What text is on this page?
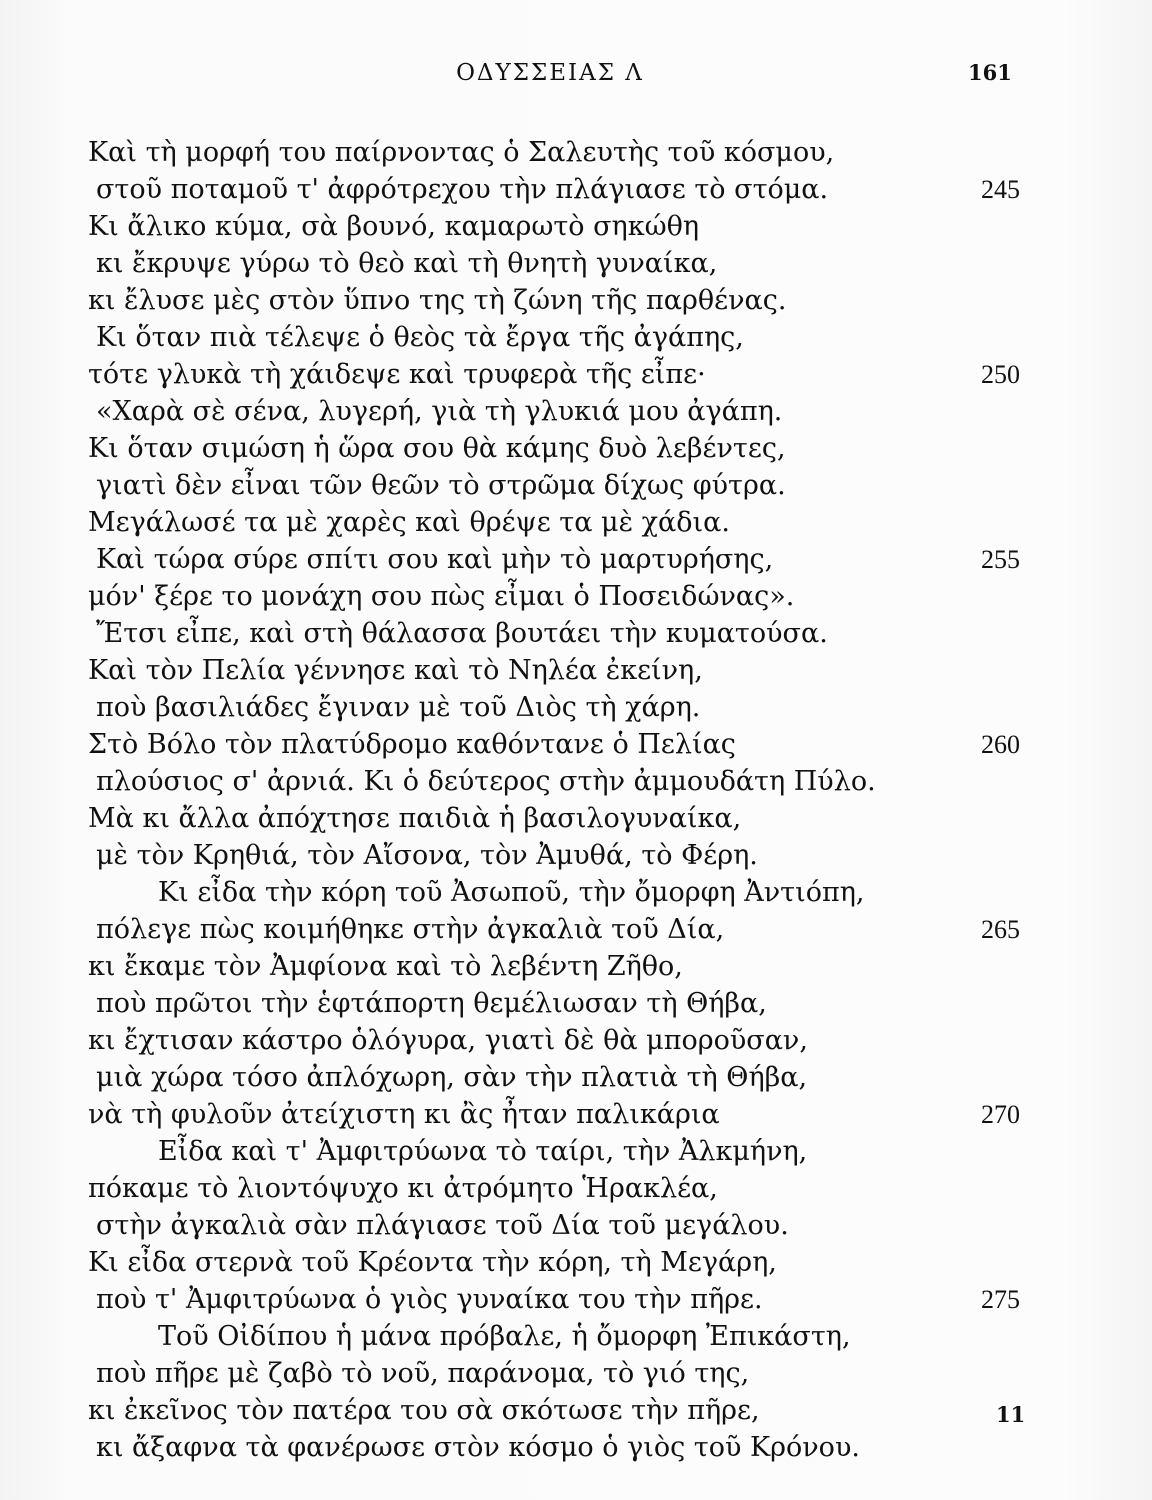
ΟΔΥΣΣΕΙΑΣ Λ	161
Καὶ τὴ μορφή του παίρνοντας ὁ Σαλευτὴς τοῦ κόσμου,
στοῦ ποταμοῦ τ' ἀφρότρεχου τὴν πλάγιασε τὸ στόμα.	245
Κι ἄλικο κύμα, σὰ βουνό, καμαρωτὸ σηκώθη
κι ἔκρυψε γύρω τὸ θεὸ καὶ τὴ θνητὴ γυναίκα,
κι ἔλυσε μὲς στὸν ὕπνο της τὴ ζώνη τῆς παρθένας.
Κι ὅταν πιὰ τέλεψε ὁ θεὸς τὰ ἔργα τῆς ἀγάπης,
τότε γλυκὰ τὴ χάιδεψε καὶ τρυφερὰ τῆς εἶπε·	250
«Χαρὰ σὲ σένα, λυγερή, γιὰ τὴ γλυκιά μου ἀγάπη.
Κι ὅταν σιμώση ἡ ὥρα σου θὰ κάμης δυὸ λεβέντες,
γιατὶ δὲν εἶναι τῶν θεῶν τὸ στρῶμα δίχως φύτρα.
Μεγάλωσέ τα μὲ χαρὲς καὶ θρέψε τα μὲ χάδια.
Καὶ τώρα σύρε σπίτι σου καὶ μὴν τὸ μαρτυρήσης,	255
μόν' ξέρε το μονάχη σου πὼς εἶμαι ὁ Ποσειδώνας».
Ἔτσι εἶπε, καὶ στὴ θάλασσα βουτάει τὴν κυματούσα.
Καὶ τὸν Πελία γέννησε καὶ τὸ Νηλέα ἐκείνη,
ποὺ βασιλιάδες ἔγιναν μὲ τοῦ Διὸς τὴ χάρη.
Στὸ Βόλο τὸν πλατύδρομο καθόντανε ὁ Πελίας	260
πλούσιος σ' ἀρνιά. Κι ὁ δεύτερος στὴν ἀμμουδάτη Πύλο.
Μὰ κι ἄλλα ἀπόχτησε παιδιὰ ἡ βασιλογυναίκα,
μὲ τὸν Κρηθιά, τὸν Αἴσονα, τὸν Ἀμυθά, τὸ Φέρη.
Κι εἶδα τὴν κόρη τοῦ Ἀσωποῦ, τὴν ὄμορφη Ἀντιόπη,
πόλεγε πὼς κοιμήθηκε στὴν ἀγκαλιὰ τοῦ Δία,	265
κι ἔκαμε τὸν Ἀμφίονα καὶ τὸ λεβέντη Ζῆθο,
ποὺ πρῶτοι τὴν ἑφτάπορτη θεμέλιωσαν τὴ Θήβα,
κι ἔχτισαν κάστρο ὁλόγυρα, γιατὶ δὲ θὰ μποροῦσαν,
μιὰ χώρα τόσο ἀπλόχωρη, σὰν τὴν πλατιὰ τὴ Θήβα,
νὰ τὴ φυλοῦν ἀτείχιστη κι ἂς ἦταν παλικάρια	270
Εἶδα καὶ τ' Ἀμφιτρύωνα τὸ ταίρι, τὴν Ἀλκμήνη,
πόκαμε τὸ λιοντόψυχο κι ἀτρόμητο Ἡρακλέα,
στὴν ἀγκαλιὰ σὰν πλάγιασε τοῦ Δία τοῦ μεγάλου.
Κι εἶδα στερνὰ τοῦ Κρέοντα τὴν κόρη, τὴ Μεγάρη,
ποὺ τ' Ἀμφιτρύωνα ὁ γιὸς γυναίκα του τὴν πῆρε.	275
Τοῦ Οἰδίπου ἡ μάνα πρόβαλε, ἡ ὄμορφη Ἐπικάστη,
ποὺ πῆρε μὲ ζαβὸ τὸ νοῦ, παράνομα, τὸ γιό της,
κι ἐκεῖνος τὸν πατέρα του σὰ σκότωσε τὴν πῆρε,
κι ἄξαφνα τὰ φανέρωσε στὸν κόσμο ὁ γιὸς τοῦ Κρόνου.
11
